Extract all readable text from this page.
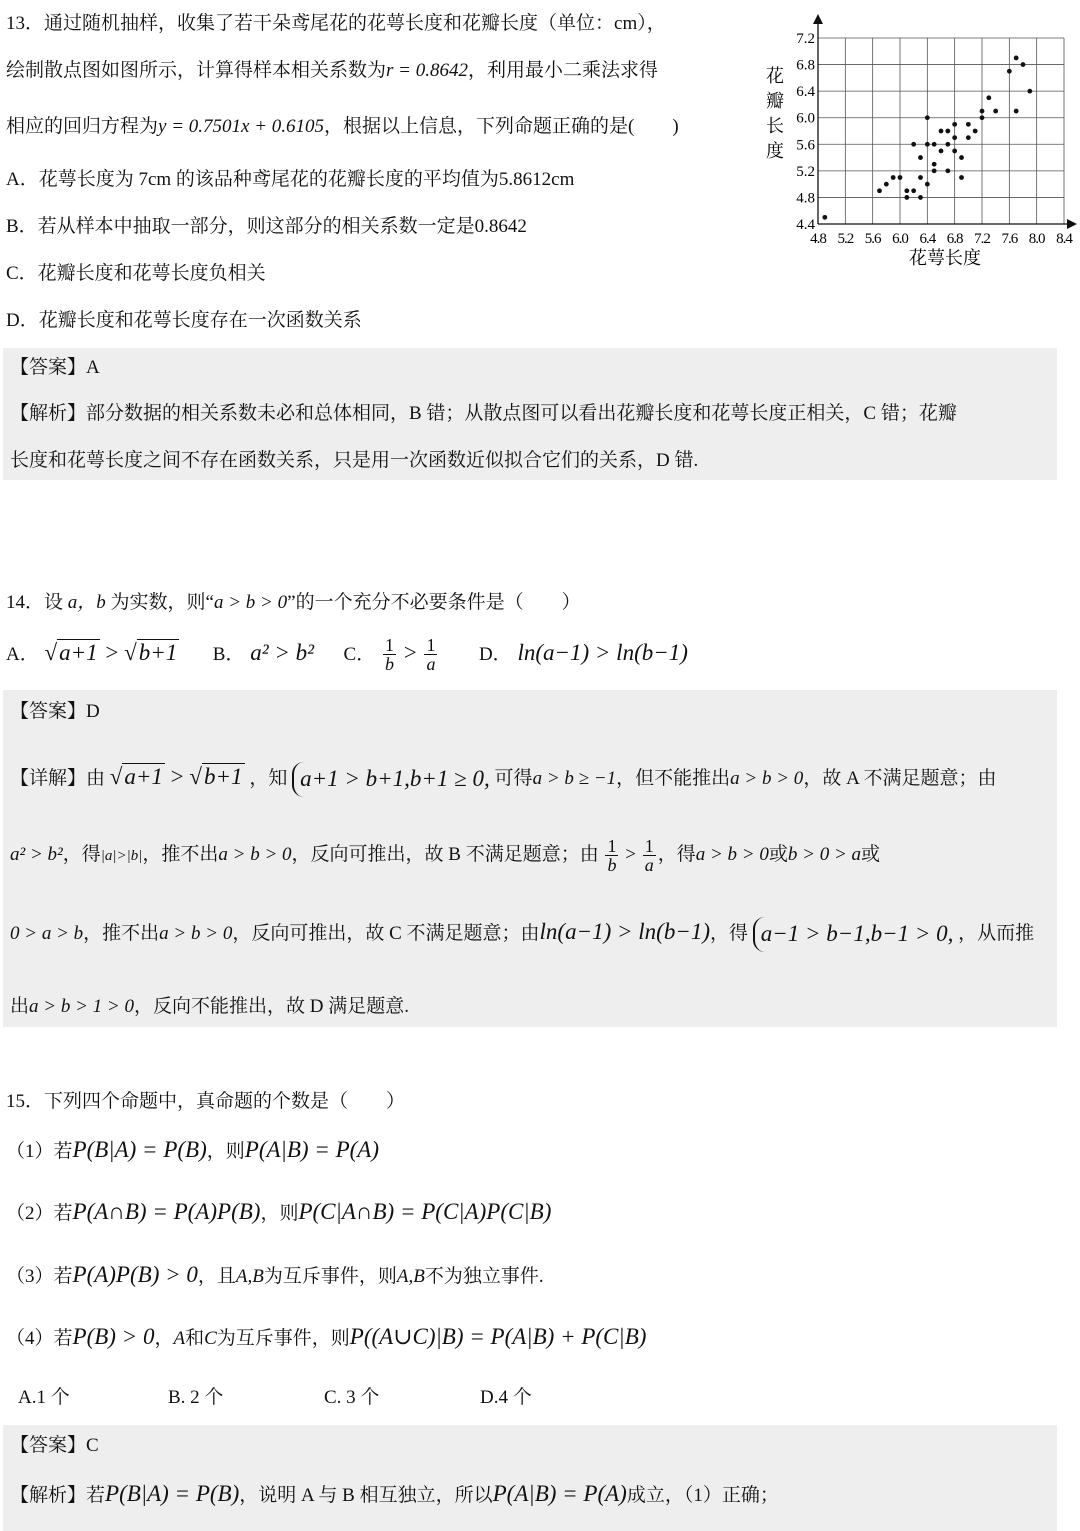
13．通过随机抽样，收集了若干朵鸢尾花的花萼长度和花瓣长度（单位：cm），
绘制散点图如图所示，计算得样本相关系数为r = 0.8642，利用最小二乘法求得
相应的回归方程为y = 0.7501x + 0.6105，根据以上信息，下列命题正确的是(　　)
A．花萼长度为 7cm 的该品种鸢尾花的花瓣长度的平均值为5.8612cm
B．若从样本中抽取一部分，则这部分的相关系数一定是0.8642
C．花瓣长度和花萼长度负相关
D．花瓣长度和花萼长度存在一次函数关系
4.8 5.2 5.6 6.0 6.4 6.8 7.2 7.6 8.0 8.4
4.4
4.8
5.2
5.6
6.0
6.4
6.8
7.2
花萼长度
花瓣长度
【答案】A
【解析】部分数据的相关系数未必和总体相同，B 错；从散点图可以看出花瓣长度和花萼长度正相关，C 错；花瓣
长度和花萼长度之间不存在函数关系，只是用一次函数近似拟合它们的关系，D 错.
14．设 a，b 为实数，则“a > b > 0”的一个充分不必要条件是（　　）
A． √a+1 > √b+1 B． a² > b² C． $\frac{1}{b} > \frac{1}{a}$ D． ln(a−1) > ln(b−1)
【答案】D
【详解】由 √a+1 > √b+1 ，知 a+1 > b+1,b+1 ≥ 0, 可得a > b ≥ −1，但不能推出a > b > 0，故 A 不满足题意；由
a² > b²，得|a|>|b|，推不出a > b > 0，反向可推出，故 B 不满足题意；由 $\frac{1}{b} > \frac{1}{a}$ ，得a > b > 0或b > 0 > a或
0 > a > b，推不出a > b > 0，反向可推出，故 C 不满足题意；由ln(a−1) > ln(b−1)，得 a−1 > b−1,b−1 > 0, ，从而推
出a > b > 1 > 0，反向不能推出，故 D 满足题意.
15．下列四个命题中，真命题的个数是（　　）
（1）若P(B|A) = P(B)，则P(A|B) = P(A)
（2）若P(A∩B) = P(A)P(B)，则P(C|A∩B) = P(C|A)P(C|B)
（3）若P(A)P(B) > 0，且A,B为互斥事件，则A,B不为独立事件.
（4）若P(B) > 0，A和C为互斥事件，则P((A∪C)|B) = P(A|B) + P(C|B)
A.1 个	B. 2 个	C. 3 个	D.4 个
【答案】C
【解析】若P(B|A) = P(B)，说明 A 与 B 相互独立，所以P(A|B) = P(A)成立，（1）正确；
